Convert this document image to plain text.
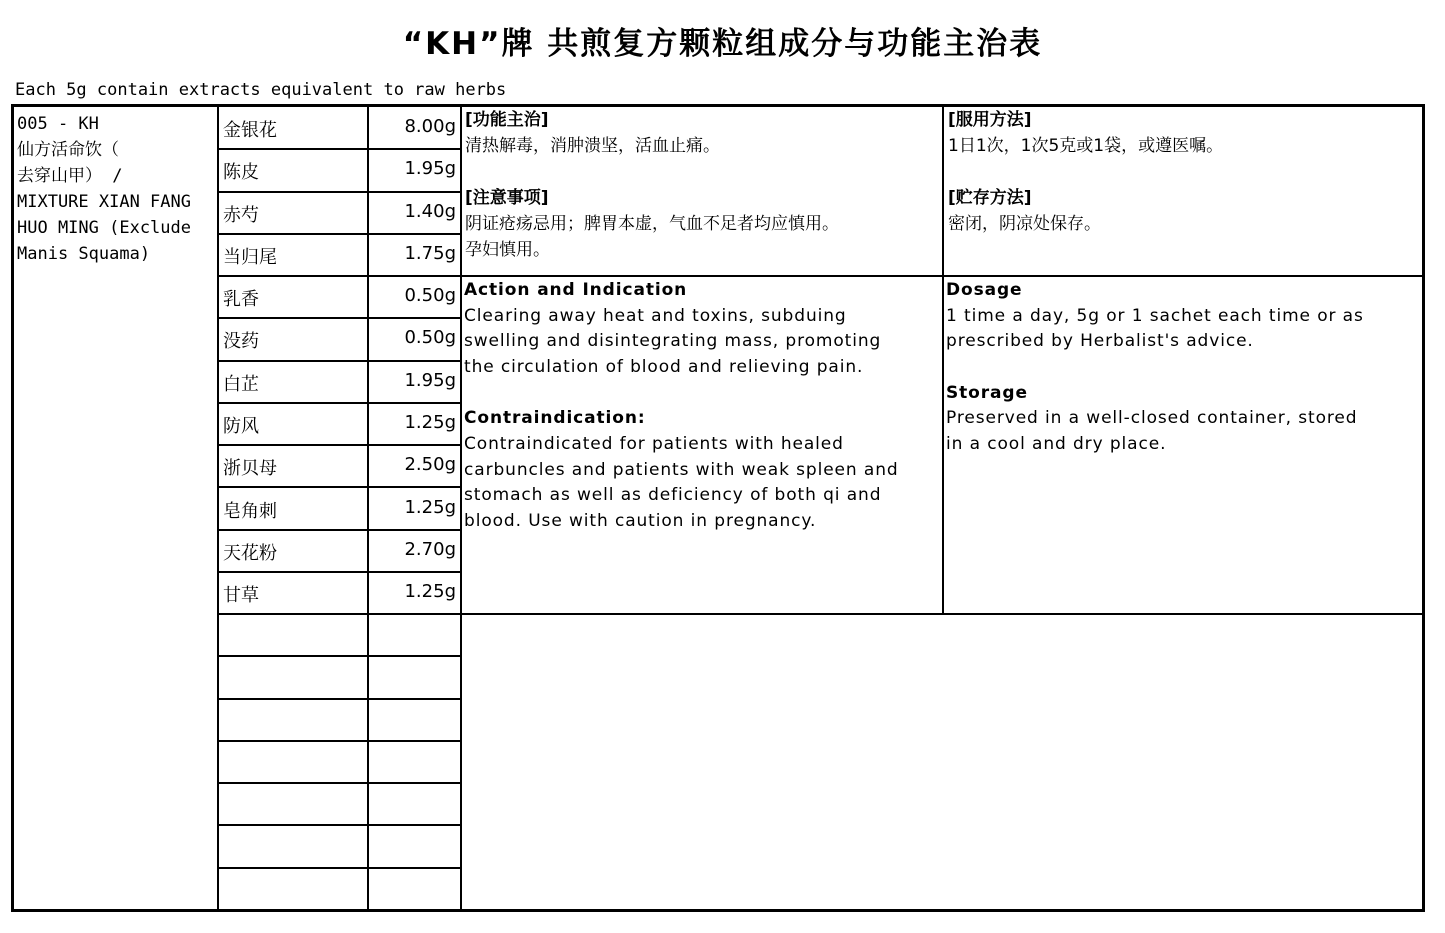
“KH”牌 共煎复方颗粒组成分与功能主治表
Each 5g contain extracts equivalent to raw herbs
005 - KH
仙方活命饮（
去穿山甲） /
MIXTURE XIAN FANG
HUO MING (Exclude
Manis Squama)
金银花	8.00g
陈皮	1.95g
赤芍	1.40g
当归尾	1.75g
乳香	0.50g
没药	0.50g
白芷	1.95g
防风	1.25g
浙贝母	2.50g
皂角刺	1.25g
天花粉	2.70g
甘草	1.25g
[功能主治]
清热解毒，消肿溃坚，活血止痛。
[注意事项]
阴证疮疡忌用；脾胃本虚，气血不足者均应慎用。
孕妇慎用。
[服用方法]
1日1次，1次5克或1袋，或遵医嘱。
[贮存方法]
密闭，阴凉处保存。
Action and Indication
Clearing away heat and toxins, subduing
swelling and disintegrating mass, promoting
the circulation of blood and relieving pain.
Contraindication:
Contraindicated for patients with healed
carbuncles and patients with weak spleen and
stomach as well as deficiency of both qi and
blood. Use with caution in pregnancy.
Dosage
1 time a day, 5g or 1 sachet each time or as
prescribed by Herbalist's advice.
Storage
Preserved in a well-closed container, stored
in a cool and dry place.
